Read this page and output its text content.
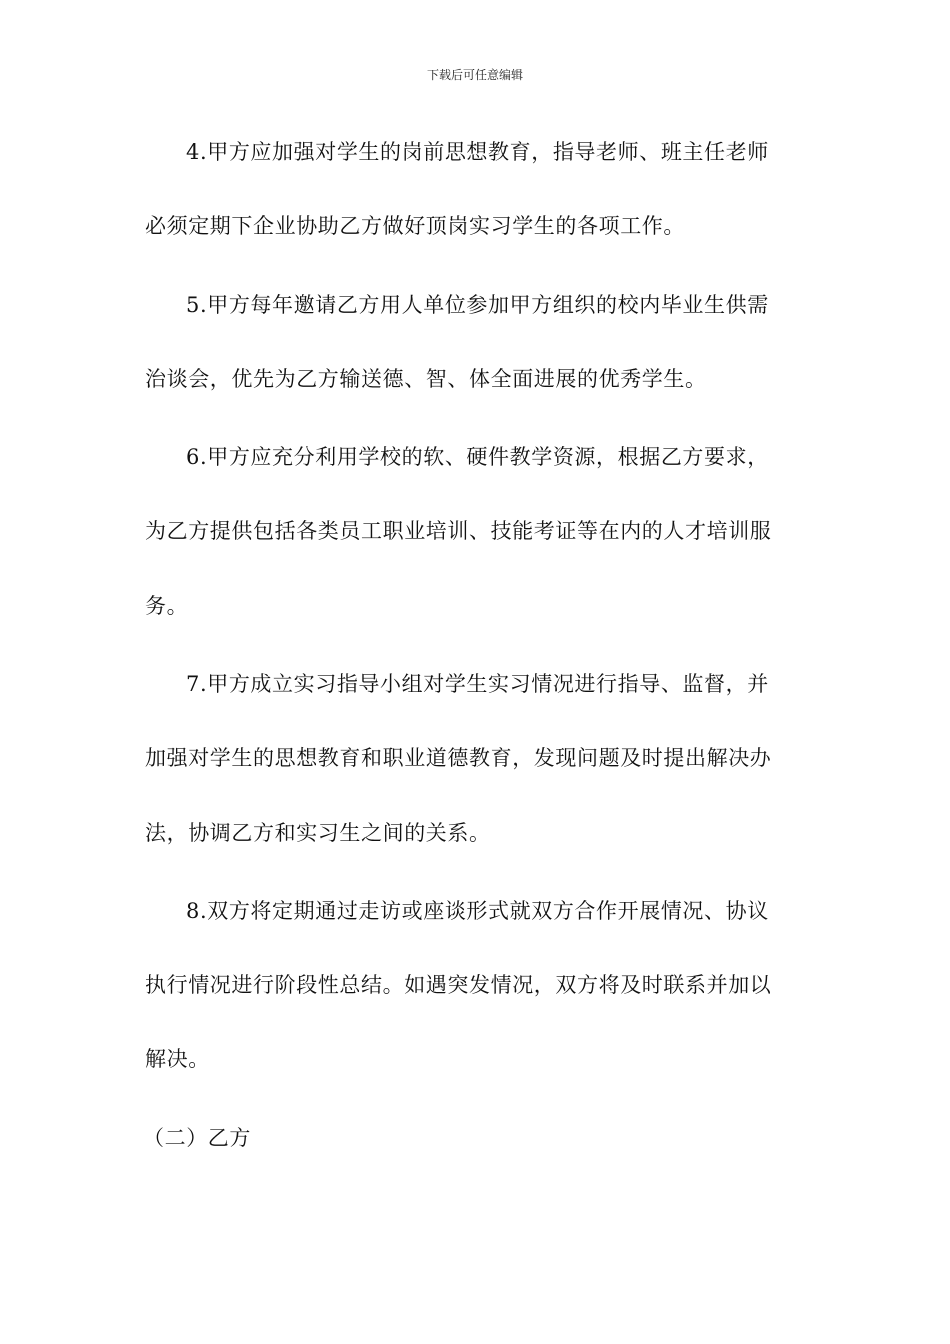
下载后可任意编辑
4.甲方应加强对学生的岗前思想教育，指导老师、班主任老师
必须定期下企业协助乙方做好顶岗实习学生的各项工作。
5.甲方每年邀请乙方用人单位参加甲方组织的校内毕业生供需
治谈会，优先为乙方输送德、智、体全面进展的优秀学生。
6.甲方应充分利用学校的软、硬件教学资源，根据乙方要求，
为乙方提供包括各类员工职业培训、技能考证等在内的人才培训服
务。
7.甲方成立实习指导小组对学生实习情况进行指导、监督，并
加强对学生的思想教育和职业道德教育，发现问题及时提出解决办
法，协调乙方和实习生之间的关系。
8.双方将定期通过走访或座谈形式就双方合作开展情况、协议
执行情况进行阶段性总结。如遇突发情况，双方将及时联系并加以
解决。
（二）乙方
